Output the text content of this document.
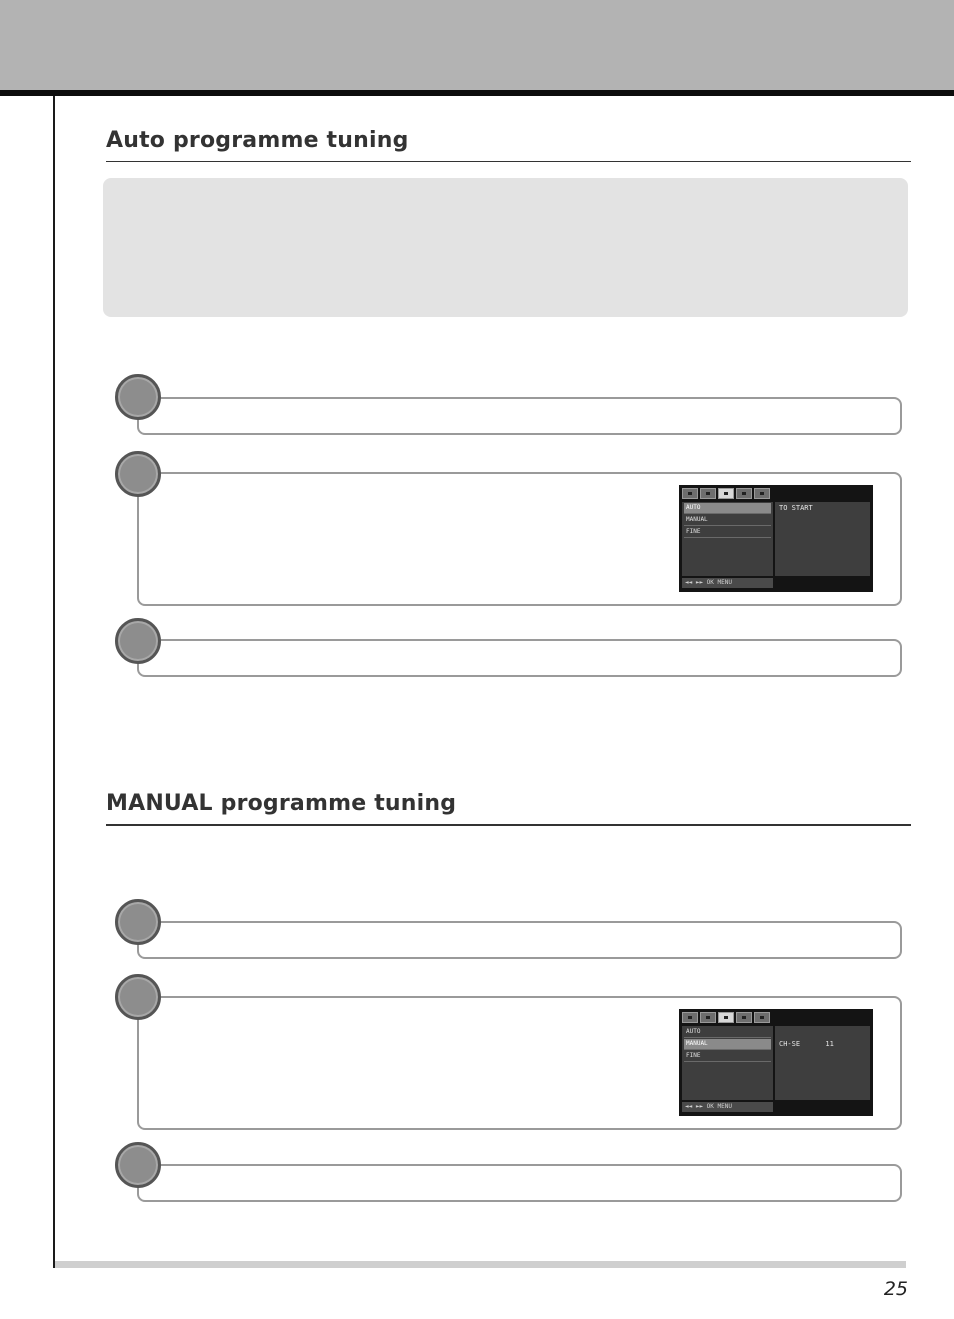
Auto programme tuning
AUTO
MANUAL
FINE
TO START
◄◄ ►► OK MENU
MANUAL programme tuning
AUTO
MANUAL
FINE
CH-SE      11
◄◄ ►► OK MENU
25
